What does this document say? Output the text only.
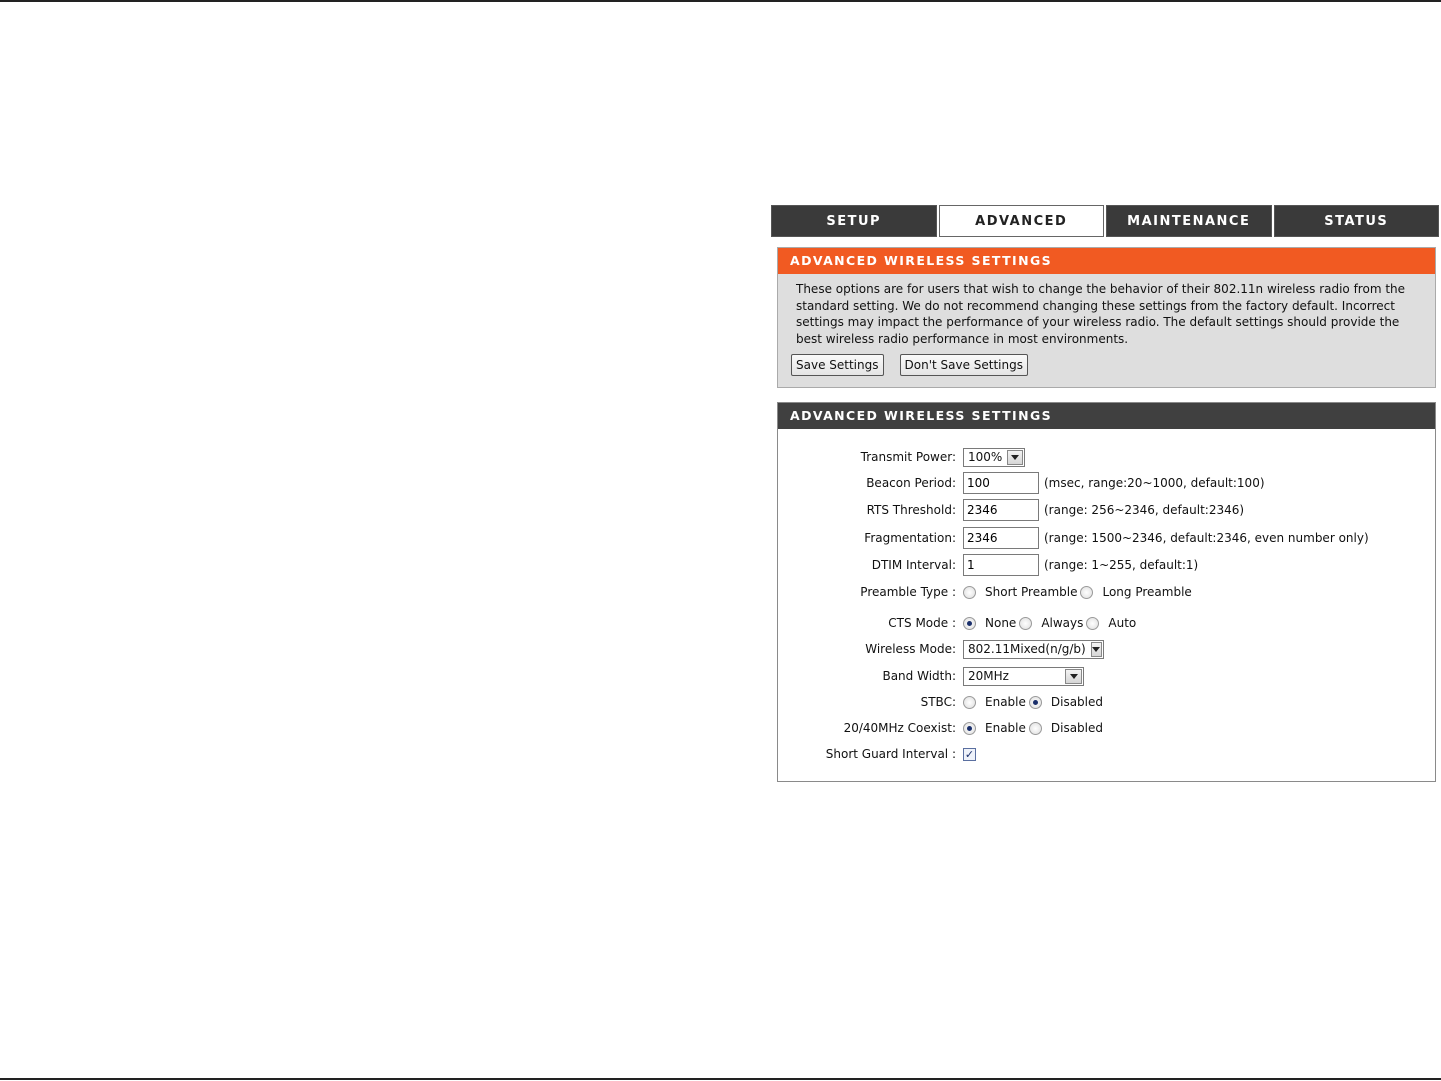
SETUP	ADVANCED	MAINTENANCE	STATUS
ADVANCED WIRELESS SETTINGS
These options are for users that wish to change the behavior of their 802.11n wireless radio from the standard setting. We do not recommend changing these settings from the factory default. Incorrect settings may impact the performance of your wireless radio. The default settings should provide the best wireless radio performance in most environments.
Save Settings	Don't Save Settings
ADVANCED WIRELESS SETTINGS
Transmit Power:	100%
Beacon Period:
100	(msec, range:20~1000, default:100)
RTS Threshold:
2346	(range: 256~2346, default:2346)
Fragmentation:
2346	(range: 1500~2346, default:2346, even number only)
DTIM Interval:
1	(range: 1~255, default:1)
Preamble Type :	Short Preamble Long Preamble
CTS Mode :	None Always Auto
Wireless Mode:	802.11Mixed(n/g/b)
Band Width:	20MHz
STBC:	Enable Disabled
20/40MHz Coexist:	Enable Disabled
Short Guard Interval : ✓
